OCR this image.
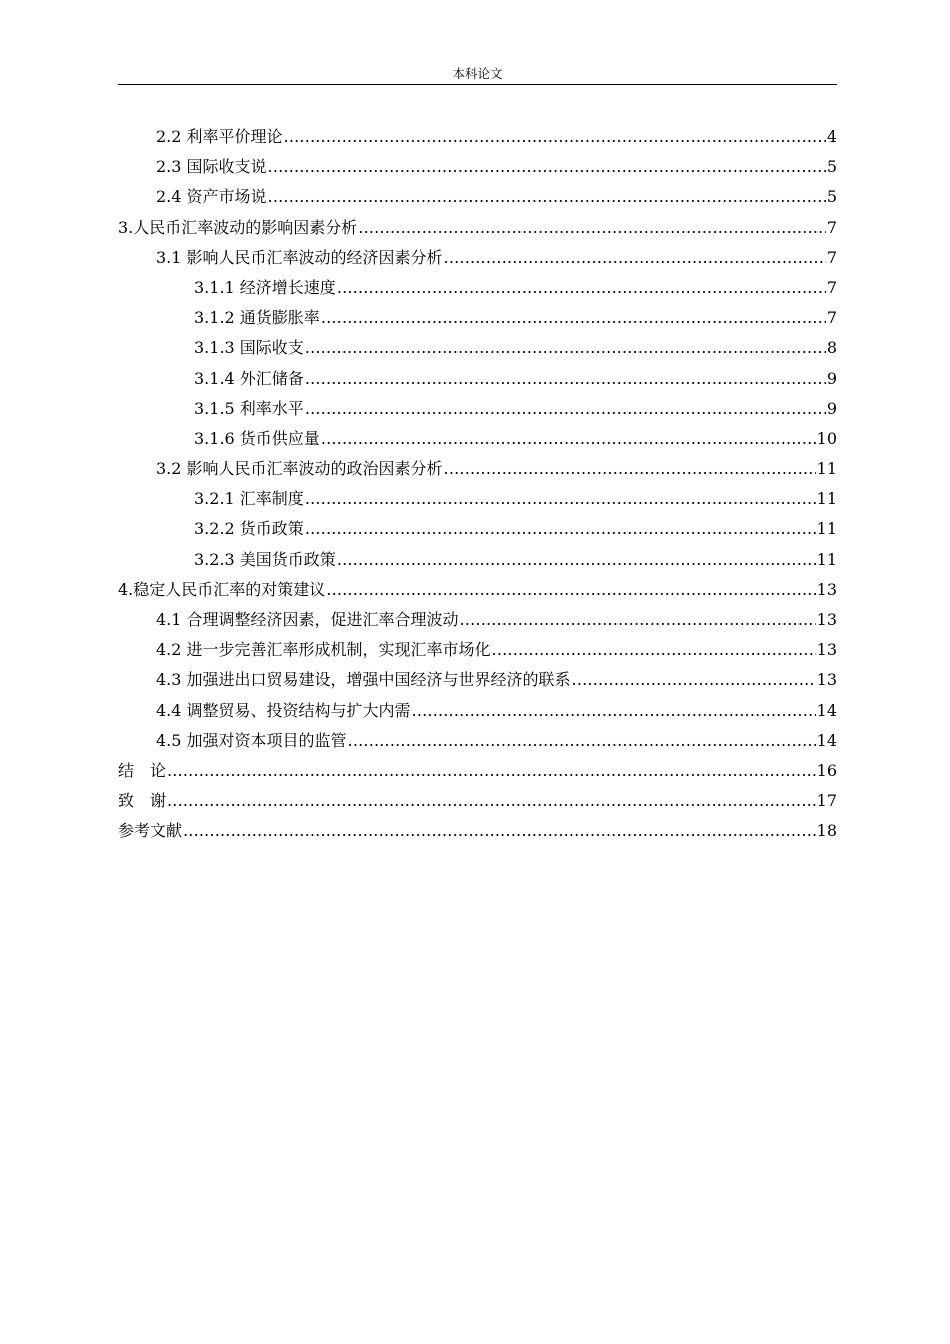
本科论文
2.2 利率平价理论 .....	4
2.3 国际收支说 .....	5
2.4 资产市场说 .....	5
3.人民币汇率波动的影响因素分析 .....	7
3.1 影响人民币汇率波动的经济因素分析 .....	7
3.1.1 经济增长速度 .....	7
3.1.2 通货膨胀率 .....	7
3.1.3 国际收支 .....	8
3.1.4 外汇储备 .....	9
3.1.5 利率水平 .....	9
3.1.6 货币供应量 .....	10
3.2 影响人民币汇率波动的政治因素分析 .....	11
3.2.1 汇率制度 .....	11
3.2.2 货币政策 .....	11
3.2.3 美国货币政策 .....	11
4.稳定人民币汇率的对策建议 .....	13
4.1 合理调整经济因素，促进汇率合理波动 .....	13
4.2 进一步完善汇率形成机制，实现汇率市场化 .....	13
4.3 加强进出口贸易建设，增强中国经济与世界经济的联系 .....	13
4.4 调整贸易、投资结构与扩大内需 .....	14
4.5 加强对资本项目的监管 .....	14
结　论 .....	16
致　谢 .....	17
参考文献 .....	18
